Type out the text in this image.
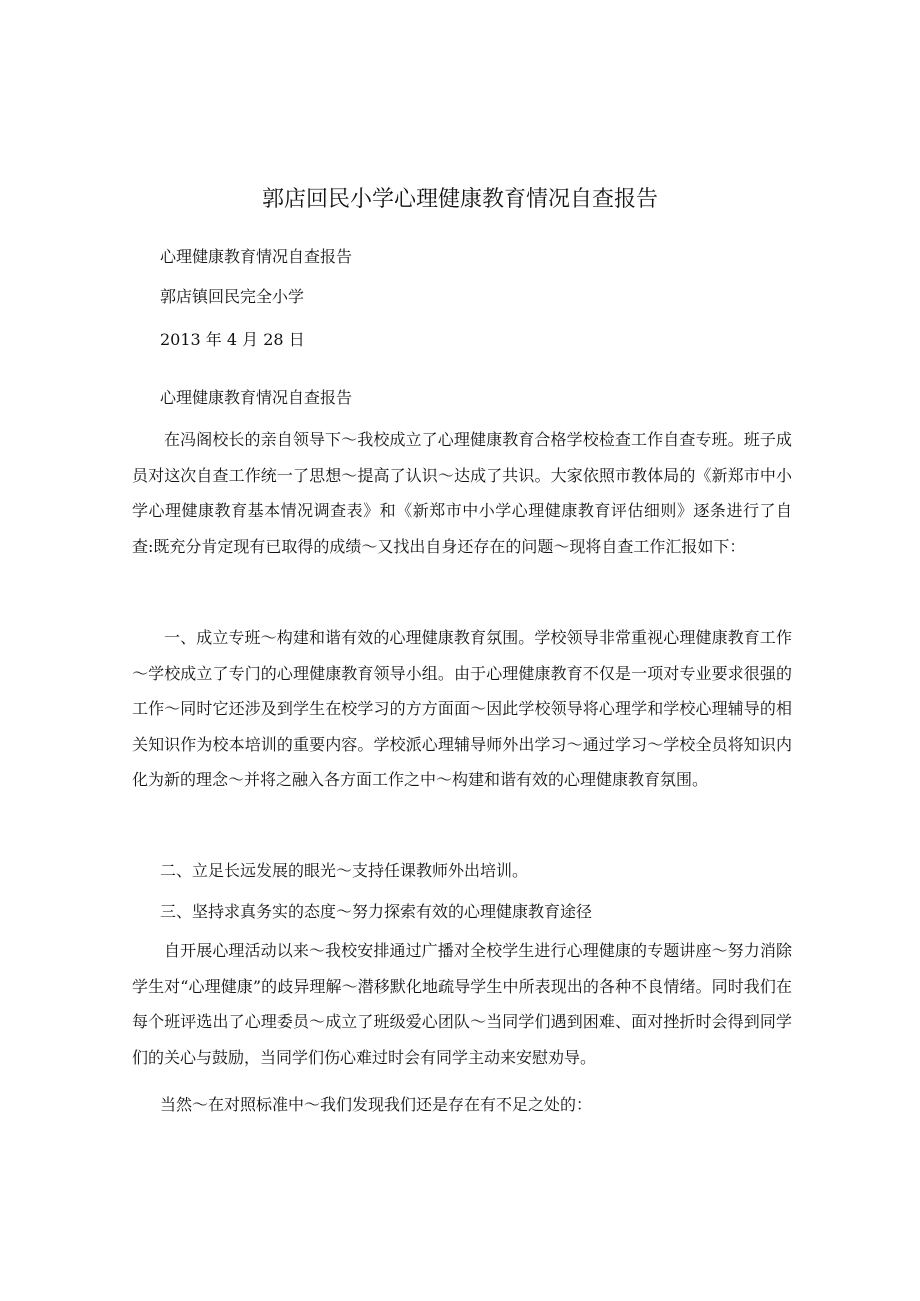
郭店回民小学心理健康教育情况自查报告
心理健康教育情况自查报告
郭店镇回民完全小学
2013 年 4 月 28 日
心理健康教育情况自查报告

在冯阁校长的亲自领导下～我校成立了心理健康教育合格学校检查工作自查专班。班子成员对这次自查工作统一了思想～提高了认识～达成了共识。大家依照市教体局的《新郑市中小学心理健康教育基本情况调查表》和《新郑市中小学心理健康教育评估细则》逐条进行了自查:既充分肯定现有已取得的成绩～又找出自身还存在的问题～现将自查工作汇报如下：

一、成立专班～构建和谐有效的心理健康教育氛围。学校领导非常重视心理健康教育工作～学校成立了专门的心理健康教育领导小组。由于心理健康教育不仅是一项对专业要求很强的工作～同时它还涉及到学生在校学习的方方面面～因此学校领导将心理学和学校心理辅导的相关知识作为校本培训的重要内容。学校派心理辅导师外出学习～通过学习～学校全员将知识内化为新的理念～并将之融入各方面工作之中～构建和谐有效的心理健康教育氛围。

二、立足长远发展的眼光～支持任课教师外出培训。

三、坚持求真务实的态度～努力探索有效的心理健康教育途径

自开展心理活动以来～我校安排通过广播对全校学生进行心理健康的专题讲座～努力消除学生对“心理健康”的歧异理解～潜移默化地疏导学生中所表现出的各种不良情绪。同时我们在每个班评选出了心理委员～成立了班级爱心团队～当同学们遇到困难、面对挫折时会得到同学们的关心与鼓励，当同学们伤心难过时会有同学主动来安慰劝导。

当然～在对照标准中～我们发现我们还是存在有不足之处的：
